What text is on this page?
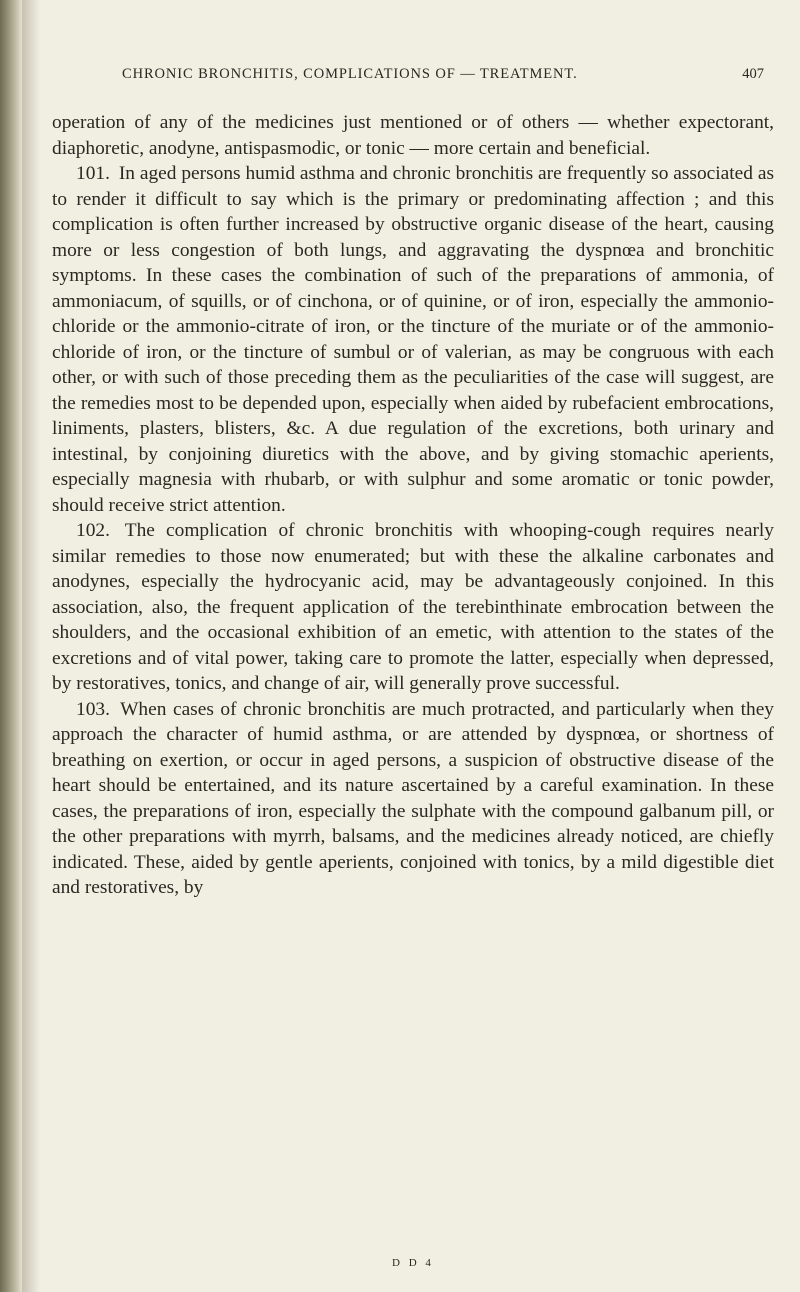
CHRONIC BRONCHITIS, COMPLICATIONS OF — TREATMENT.	407

operation of any of the medicines just mentioned or of others — whether expectorant, diaphoretic, anodyne, antispasmodic, or tonic — more certain and beneficial.

101. In aged persons humid asthma and chronic bronchitis are frequently so associated as to render it difficult to say which is the primary or predominating affection ; and this complication is often further increased by obstructive organic disease of the heart, causing more or less congestion of both lungs, and aggravating the dyspnœa and bronchitic symptoms. In these cases the combination of such of the preparations of ammonia, of ammoniacum, of squills, or of cinchona, or of quinine, or of iron, especially the ammonio-chloride or the ammonio-citrate of iron, or the tincture of the muriate or of the ammonio-chloride of iron, or the tincture of sumbul or of valerian, as may be congruous with each other, or with such of those preceding them as the peculiarities of the case will suggest, are the remedies most to be depended upon, especially when aided by rubefacient embrocations, liniments, plasters, blisters, &c. A due regulation of the excretions, both urinary and intestinal, by conjoining diuretics with the above, and by giving stomachic aperients, especially magnesia with rhubarb, or with sulphur and some aromatic or tonic powder, should receive strict attention.

102. The complication of chronic bronchitis with whooping-cough requires nearly similar remedies to those now enumerated; but with these the alkaline carbonates and anodynes, especially the hydrocyanic acid, may be advantageously conjoined. In this association, also, the frequent application of the terebinthinate embrocation between the shoulders, and the occasional exhibition of an emetic, with attention to the states of the excretions and of vital power, taking care to promote the latter, especially when depressed, by restoratives, tonics, and change of air, will generally prove successful.

103. When cases of chronic bronchitis are much protracted, and particularly when they approach the character of humid asthma, or are attended by dyspnœa, or shortness of breathing on exertion, or occur in aged persons, a suspicion of obstructive disease of the heart should be entertained, and its nature ascertained by a careful examination. In these cases, the preparations of iron, especially the sulphate with the compound galbanum pill, or the other preparations with myrrh, balsams, and the medicines already noticed, are chiefly indicated. These, aided by gentle aperients, conjoined with tonics, by a mild digestible diet and restoratives, by

D D 4
